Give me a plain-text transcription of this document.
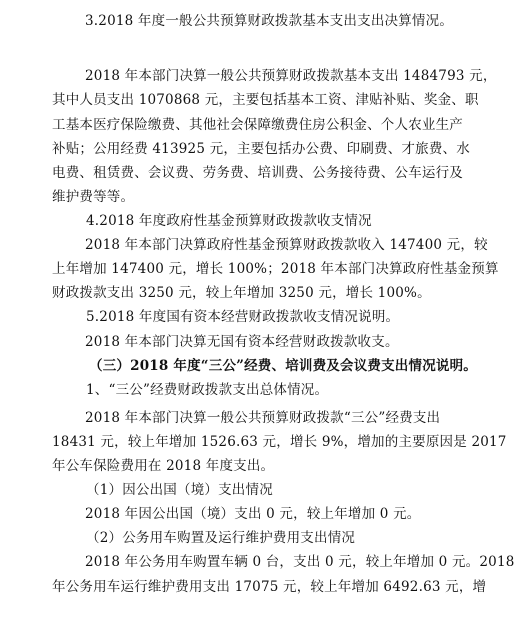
3.2018 年度一般公共预算财政拨款基本支出支出决算情况。
2018 年本部门决算一般公共预算财政拨款基本支出 1484793 元，
其中人员支出 1070868 元，主要包括基本工资、津贴补贴、奖金、职
工基本医疗保险缴费、其他社会保障缴费住房公积金、个人农业生产
补贴；公用经费 413925 元，主要包括办公费、印刷费、才旅费、水
电费、租赁费、会议费、劳务费、培训费、公务接待费、公车运行及
维护费等等。
4.2018 年度政府性基金预算财政拨款收支情况
2018 年本部门决算政府性基金预算财政拨款收入 147400 元，较
上年增加 147400 元，增长 100%；2018 年本部门决算政府性基金预算
财政拨款支出 3250 元，较上年增加 3250 元，增长 100%。
5.2018 年度国有资本经营财政拨款收支情况说明。
2018 年本部门决算无国有资本经营财政拨款收支。
（三）2018 年度“三公”经费、培训费及会议费支出情况说明。
1、“三公”经费财政拨款支出总体情况。
2018 年本部门决算一般公共预算财政拨款“三公”经费支出
18431 元，较上年增加 1526.63 元，增长 9%，增加的主要原因是 2017
年公车保险费用在 2018 年度支出。
（1）因公出国（境）支出情况
2018 年因公出国（境）支出 0 元，较上年增加 0 元。
（2）公务用车购置及运行维护费用支出情况
2018 年公务用车购置车辆 0 台，支出 0 元，较上年增加 0 元。2018
年公务用车运行维护费用支出 17075 元，较上年增加 6492.63 元，增
